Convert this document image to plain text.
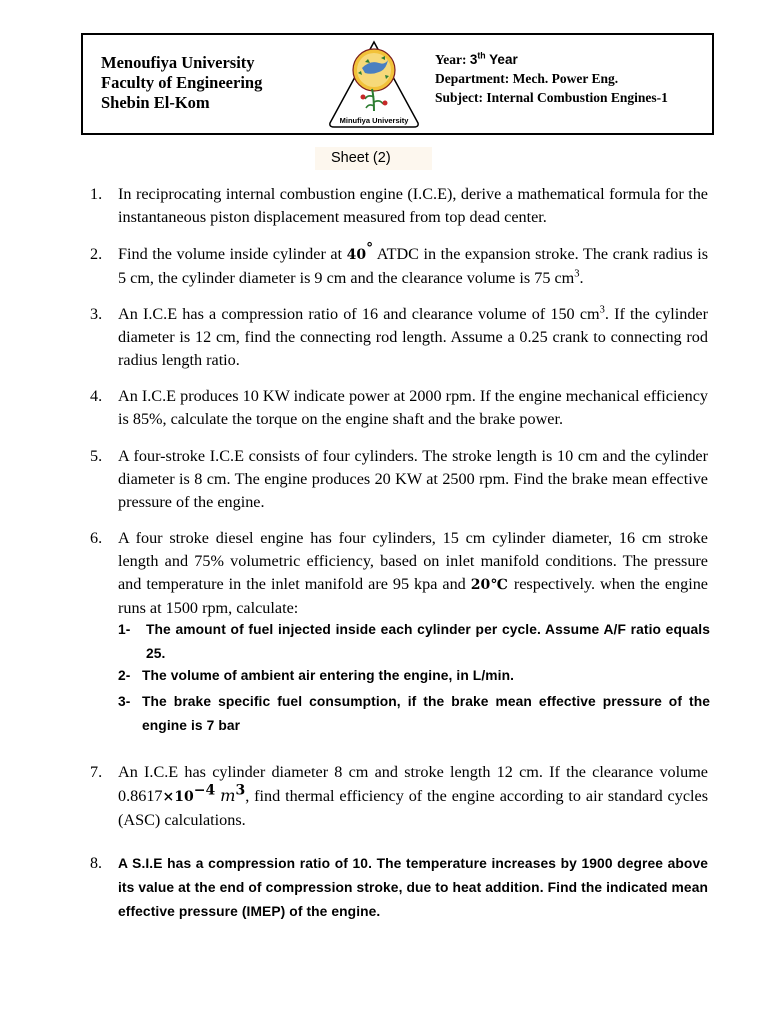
Menoufiya University
Faculty of Engineering
Shebin El-Kom
Minufiya University
Year: 3th Year
Department: Mech. Power Eng.
Subject: Internal Combustion Engines-1
Sheet (2)
1. In reciprocating internal combustion engine (I.C.E), derive a mathematical formula for the instantaneous piston displacement measured from top dead center.
2. Find the volume inside cylinder at 40° ATDC in the expansion stroke. The crank radius is 5 cm, the cylinder diameter is 9 cm and the clearance volume is 75 $cm^3$.
3. An I.C.E has a compression ratio of 16 and clearance volume of 150 $cm^3$. If the cylinder diameter is 12 cm, find the connecting rod length. Assume a 0.25 crank to connecting rod radius length ratio.
4. An I.C.E produces 10 KW indicate power at 2000 rpm. If the engine mechanical efficiency is 85%, calculate the torque on the engine shaft and the brake power.
5. A four-stroke I.C.E consists of four cylinders. The stroke length is 10 cm and the cylinder diameter is 8 cm. The engine produces 20 KW at 2500 rpm. Find the brake mean effective pressure of the engine.
6. A four stroke diesel engine has four cylinders, 15 cm cylinder diameter, 16 cm stroke length and 75% volumetric efficiency, based on inlet manifold conditions. The pressure and temperature in the inlet manifold are 95 kpa and 20℃ respectively. when the engine runs at 1500 rpm, calculate:
1- The amount of fuel injected inside each cylinder per cycle. Assume A/F ratio equals 25.
2- The volume of ambient air entering the engine, in L/min.
3- The brake specific fuel consumption, if the brake mean effective pressure of the engine is 7 bar
7. An I.C.E has cylinder diameter 8 cm and stroke length 12 cm. If the clearance volume $0.8617\times 10^{-4}$ $m^3$, find thermal efficiency of the engine according to air standard cycles (ASC) calculations.
8. A S.I.E has a compression ratio of 10. The temperature increases by 1900 degree above its value at the end of compression stroke, due to heat addition. Find the indicated mean effective pressure (IMEP) of the engine.
